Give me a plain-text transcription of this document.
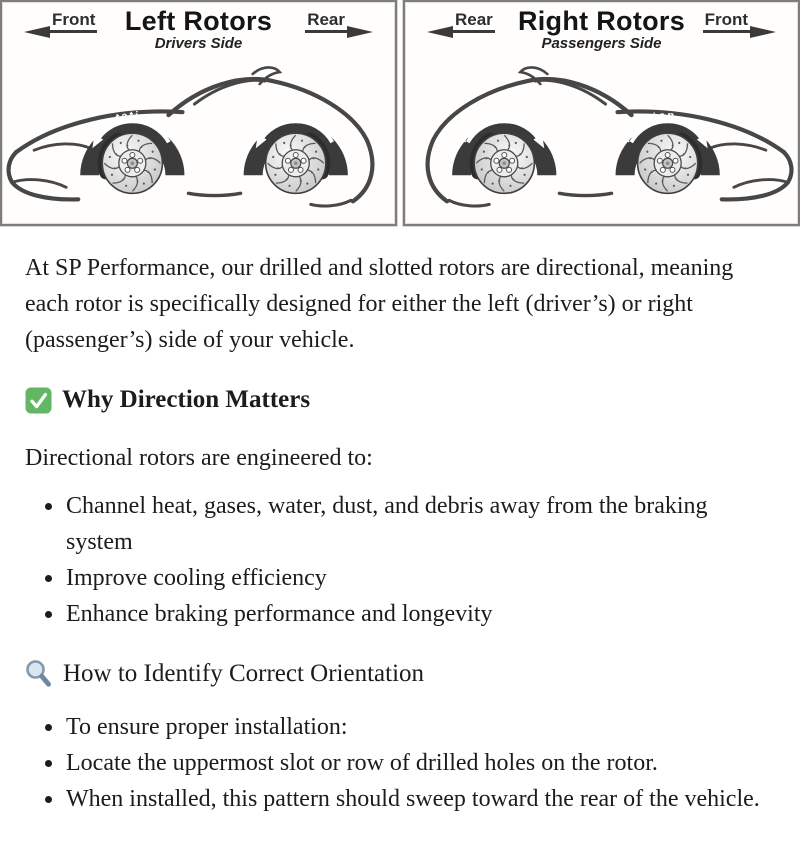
Front	Left Rotors
Drivers Side
Rear
Rotation	Rotation
Rear Right Rotors
Passengers Side
Front
Rotation
Rotation

At SP Performance, our drilled and slotted rotors are directional, meaning each rotor is specifically designed for either the left (driver’s) or right (passenger’s) side of your vehicle.

Why Direction Matters

Directional rotors are engineered to:

• Channel heat, gases, water, dust, and debris away from the braking system
• Improve cooling efficiency
• Enhance braking performance and longevity
How to Identify Correct Orientation
• To ensure proper installation:
• Locate the uppermost slot or row of drilled holes on the rotor.
• When installed, this pattern should sweep toward the rear of the vehicle.
